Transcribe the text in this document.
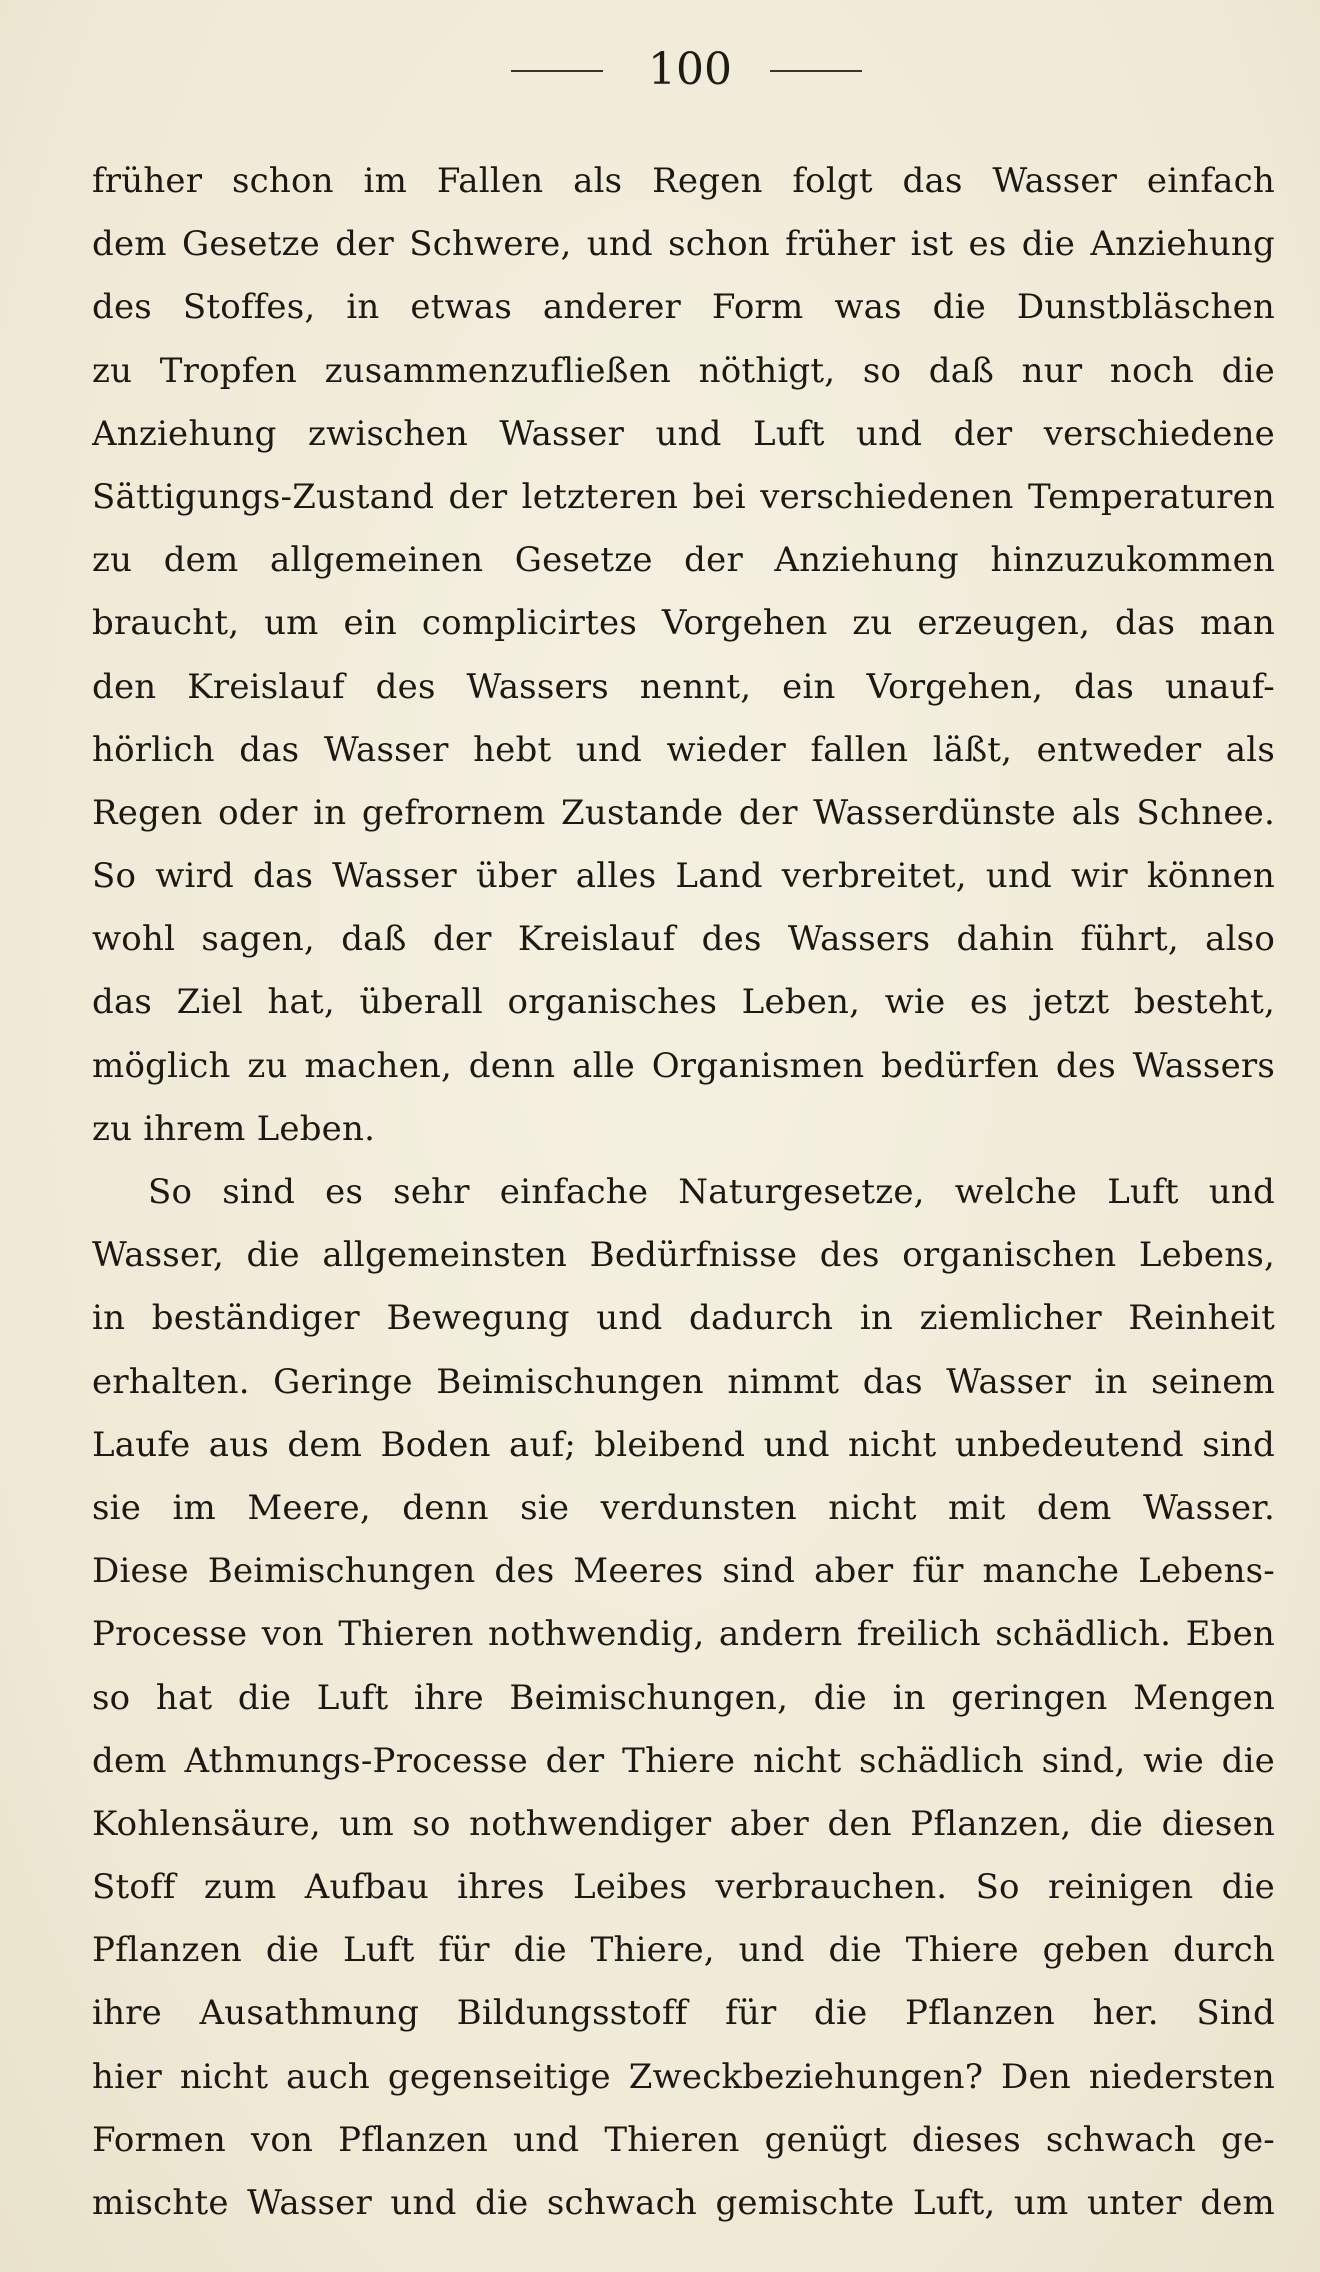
100
früher schon im Fallen als Regen folgt das Wasser einfach
dem Gesetze der Schwere, und schon früher ist es die Anziehung
des Stoffes, in etwas anderer Form was die Dunstbläschen
zu Tropfen zusammenzufließen nöthigt, so daß nur noch die
Anziehung zwischen Wasser und Luft und der verschiedene
Sättigungs-Zustand der letzteren bei verschiedenen Temperaturen
zu dem allgemeinen Gesetze der Anziehung hinzuzukommen
braucht, um ein complicirtes Vorgehen zu erzeugen, das man
den Kreislauf des Wassers nennt, ein Vorgehen, das unauf-
hörlich das Wasser hebt und wieder fallen läßt, entweder als
Regen oder in gefrornem Zustande der Wasserdünste als Schnee.
So wird das Wasser über alles Land verbreitet, und wir können
wohl sagen, daß der Kreislauf des Wassers dahin führt, also
das Ziel hat, überall organisches Leben, wie es jetzt besteht,
möglich zu machen, denn alle Organismen bedürfen des Wassers
zu ihrem Leben.
So sind es sehr einfache Naturgesetze, welche Luft und
Wasser, die allgemeinsten Bedürfnisse des organischen Lebens,
in beständiger Bewegung und dadurch in ziemlicher Reinheit
erhalten. Geringe Beimischungen nimmt das Wasser in seinem
Laufe aus dem Boden auf; bleibend und nicht unbedeutend sind
sie im Meere, denn sie verdunsten nicht mit dem Wasser.
Diese Beimischungen des Meeres sind aber für manche Lebens-
Processe von Thieren nothwendig, andern freilich schädlich. Eben
so hat die Luft ihre Beimischungen, die in geringen Mengen
dem Athmungs-Processe der Thiere nicht schädlich sind, wie die
Kohlensäure, um so nothwendiger aber den Pflanzen, die diesen
Stoff zum Aufbau ihres Leibes verbrauchen. So reinigen die
Pflanzen die Luft für die Thiere, und die Thiere geben durch
ihre Ausathmung Bildungsstoff für die Pflanzen her. Sind
hier nicht auch gegenseitige Zweckbeziehungen? Den niedersten
Formen von Pflanzen und Thieren genügt dieses schwach ge-
mischte Wasser und die schwach gemischte Luft, um unter dem
